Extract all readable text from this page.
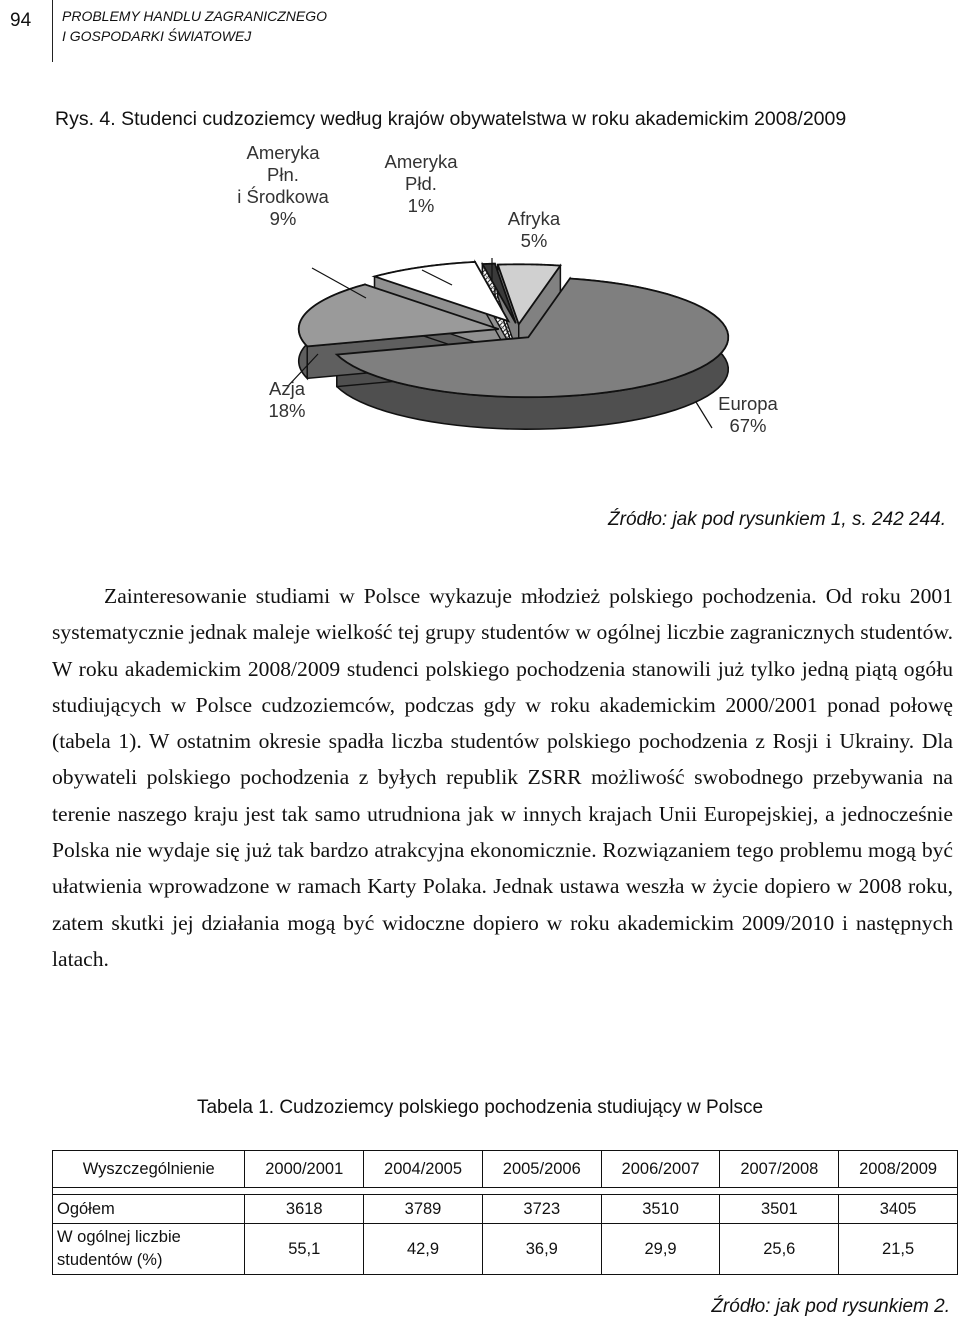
94 PROBLEMY HANDLU ZAGRANICZNEGO
I GOSPODARKI ŚWIATOWEJ
Rys. 4. Studenci cudzoziemcy według krajów obywatelstwa w roku akademickim 2008/2009
Europa 67%
Azja 18%
Ameryka Płn. i Środkowa 9%
Ameryka Płd. 1%
Afryka 5%
Źródło: jak pod rysunkiem 1, s. 242 244.

Zainteresowanie studiami w Polsce wykazuje młodzież polskiego pochodzenia. Od roku 2001 systematycznie jednak maleje wielkość tej grupy studentów w ogólnej liczbie zagranicznych studentów. W roku akademickim 2008/2009 studenci polskiego pochodzenia stanowili już tylko jedną piątą ogółu studiujących w Polsce cudzoziemców, podczas gdy w roku akademickim 2000/2001 ponad połowę (tabela 1). W ostatnim okresie spadła liczba studentów polskiego pochodzenia z Rosji i Ukrainy. Dla obywateli polskiego pochodzenia z byłych republik ZSRR możliwość swobodnego przebywania na terenie naszego kraju jest tak samo utrudniona jak w innych krajach Unii Europejskiej, a jednocześnie Polska nie wydaje się już tak bardzo atrakcyjna ekonomicznie. Rozwiązaniem tego problemu mogą być ułatwienia wprowadzone w ramach Karty Polaka. Jednak ustawa weszła w życie dopiero w 2008 roku, zatem skutki jej działania mogą być widoczne dopiero w roku akademickim 2009/2010 i następnych latach.

Tabela 1. Cudzoziemcy polskiego pochodzenia studiujący w Polsce
Wyszczególnienie	2000/2001	2004/2005	2005/2006	2006/2007	2007/2008	2008/2009

Ogółem	3618	3789	3723	3510	3501	3405

W ogólnej liczbie
studentów (%)	55,1	42,9	36,9	29,9	25,6	21,5
Źródło: jak pod rysunkiem 2.
